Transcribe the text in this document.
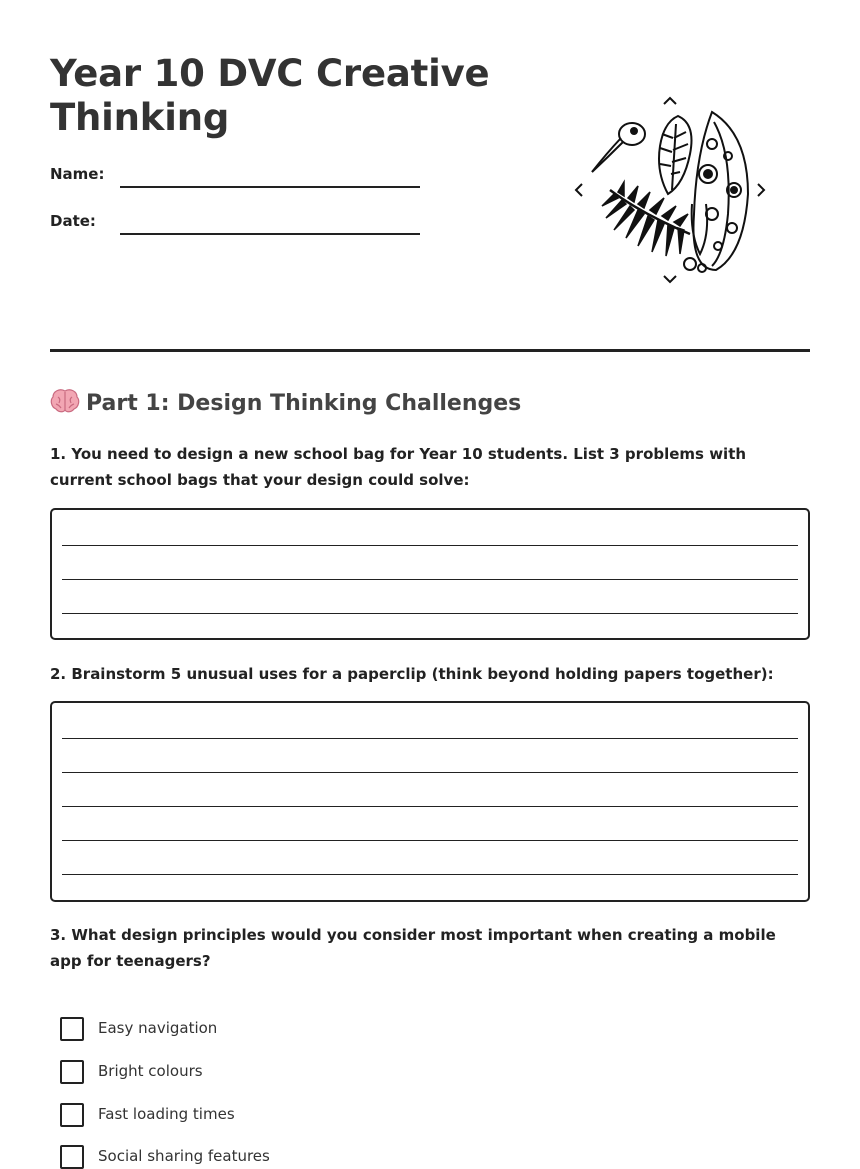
Year 10 DVC Creative Thinking
Name:
Date:
Part 1: Design Thinking Challenges

1. You need to design a new school bag for Year 10 students. List 3 problems with current school bags that your design could solve:

2. Brainstorm 5 unusual uses for a paperclip (think beyond holding papers together):

3. What design principles would you consider most important when creating a mobile app for teenagers?

Easy navigation
Bright colours
Fast loading times
Social sharing features
